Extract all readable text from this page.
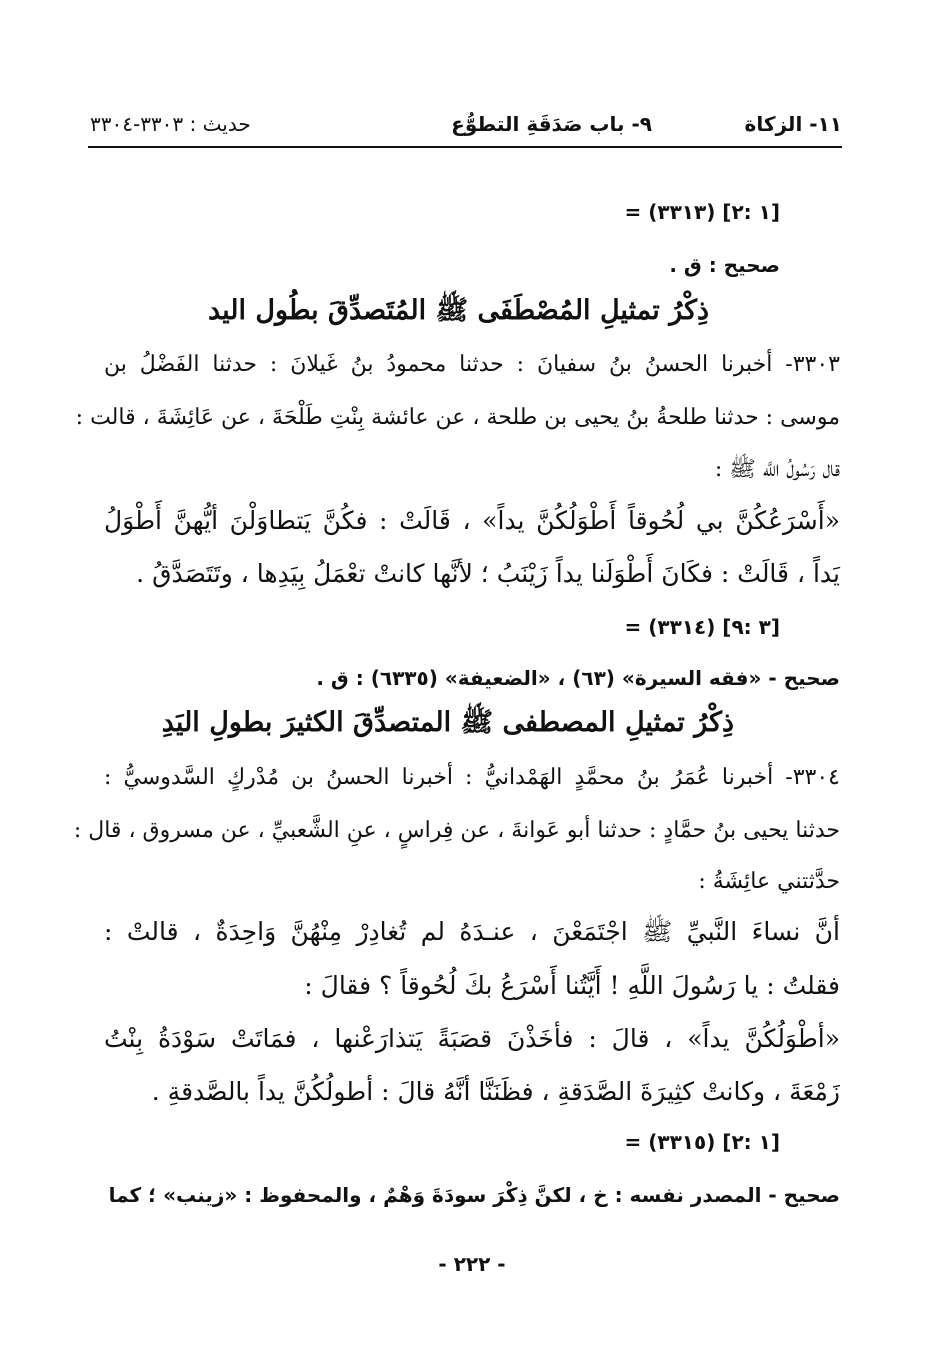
١١- الزكاة
٩- باب صَدَقَةِ التطوُّع
حديث : ٣٣٠٣-٣٣٠٤
= (٣٣١٣) [١ :٢]
صحيح : ق .
ذِكْرُ تمثيلِ المُصْطَفَى ﷺ المُتَصدِّقَ بطُول اليد
٣٣٠٣- أخبرنا الحسنُ بنُ سفيانَ : حدثنا محمودُ بنُ غَيلانَ : حدثنا الفَضْلُ بن
موسى : حدثنا طلحةُ بنُ يحيى بن طلحة ، عن عائشة بِنْتِ طَلْحَةَ ، عن عَائِشَةَ ، قالت :
قال رَسُولُ اللَّه ﷺ :
«أَسْرَعُكُنَّ بي لُحُوقاً أَطْوَلُكُنَّ يداً» ، قَالَتْ : فكُنَّ يَتطاوَلْنَ أيُّهنَّ أَطْوَلُ
يَداً ، قَالَتْ : فكَانَ أَطْوَلَنا يداً زَيْنَبُ ؛ لأنَّها كانتْ تعْمَلُ بِيَدِها ، وتَتَصَدَّقُ .
= (٣٣١٤) [٣ :٩]
صحيح - «فقه السيرة» (٦٣) ، «الضعيفة» (٦٣٣٥) : ق .
ذِكْرُ تمثيلِ المصطفى ﷺ المتصدِّقَ الكثيرَ بطولِ اليَدِ
٣٣٠٤- أخبرنا عُمَرُ بنُ محمَّدٍ الهَمْدانيُّ : أخبرنا الحسنُ بن مُدْركٍ السَّدوسيُّ :
حدثنا يحيى بنُ حمَّادٍ : حدثنا أبو عَوانةَ ، عن فِراسٍ ، عنِ الشَّعبيِّ ، عن مسروق ، قال :
حدَّثتني عائِشَةُ :
أنَّ نساءَ النَّبيِّ ﷺ اجْتَمَعْنَ ، عنـدَهُ لم تُغادِرْ مِنْهُنَّ وَاحِدَةٌ ، قالتْ :
فقلتُ : يا رَسُولَ اللَّهِ ! أَيَّتُنا أَسْرَعُ بكَ لُحُوقاً ؟ فقالَ :
«أطْوَلُكُنَّ يداً» ، قالَ : فأخَذْنَ قصَبَةً يَتذارَعْنها ، فمَاتَتْ سَوْدَةُ بِنْتُ
زَمْعَةَ ، وكانتْ كثِيرَةَ الصَّدَقةِ ، فظَنَنَّا أنَّهُ قالَ : أطولُكُنَّ يداً بالصَّدقةِ .
= (٣٣١٥) [١ :٢]
صحيح - المصدر نفسه : خ ، لكنَّ ذِكْرَ سودَةَ وَهْمٌ ، والمحفوظ : «زينب» ؛ كما
- ٢٢٢ -
